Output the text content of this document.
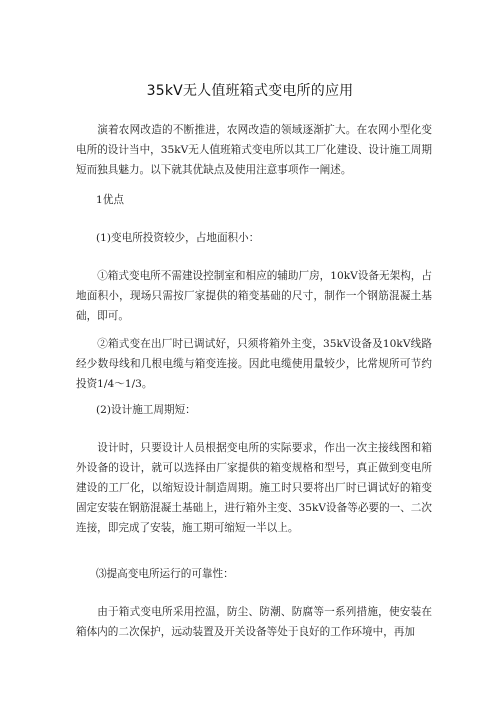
35kV无人值班箱式变电所的应用
演着农网改造的不断推进，农网改造的领域逐渐扩大。在农网小型化变电所的设计当中，35kV无人值班箱式变电所以其工厂化建设、设计施工周期短而独具魅力。以下就其优缺点及使用注意事项作一阐述。
1优点
(1)变电所投资较少，占地面积小：
①箱式变电所不需建设控制室和相应的辅助厂房，10kV设备无架构，占地面积小，现场只需按厂家提供的箱变基础的尺寸，制作一个钢筋混凝土基础，即可。
②箱式变在出厂时已调试好，只须将箱外主变，35kV设备及10kV线路经少数母线和几根电缆与箱变连接。因此电缆使用量较少，比常规所可节约投资1/4～1/3。
(2)设计施工周期短：
设计时，只要设计人员根据变电所的实际要求，作出一次主接线图和箱外设备的设计，就可以选择由厂家提供的箱变规格和型号，真正做到变电所建设的工厂化，以缩短设计制造周期。施工时只要将出厂时已调试好的箱变固定安装在钢筋混凝土基础上，进行箱外主变、35kV设备等必要的一、二次连接，即完成了安装，施工期可缩短一半以上。
⑶提高变电所运行的可靠性：
由于箱式变电所采用控温，防尘、防潮、防腐等一系列措施，使安装在箱体内的二次保护，远动装置及开关设备等处于良好的工作环境中，再加
